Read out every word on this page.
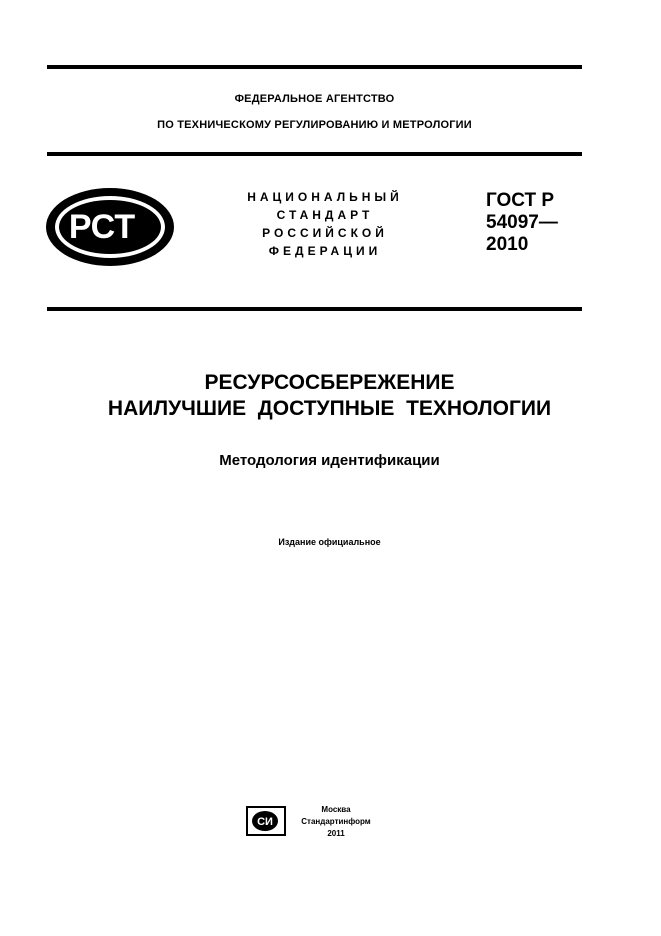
ФЕДЕРАЛЬНОЕ АГЕНТСТВО
ПО ТЕХНИЧЕСКОМУ РЕГУЛИРОВАНИЮ И МЕТРОЛОГИИ
РСТ
НАЦИОНАЛЬНЫЙ
СТАНДАРТ
РОССИЙСКОЙ
ФЕДЕРАЦИИ
ГОСТ Р
54097—
2010
РЕСУРСОСБЕРЕЖЕНИЕ
НАИЛУЧШИЕ  ДОСТУПНЫЕ  ТЕХНОЛОГИИ
Методология идентификации
Издание официальное
СИ
Москва
Стандартинформ
2011
